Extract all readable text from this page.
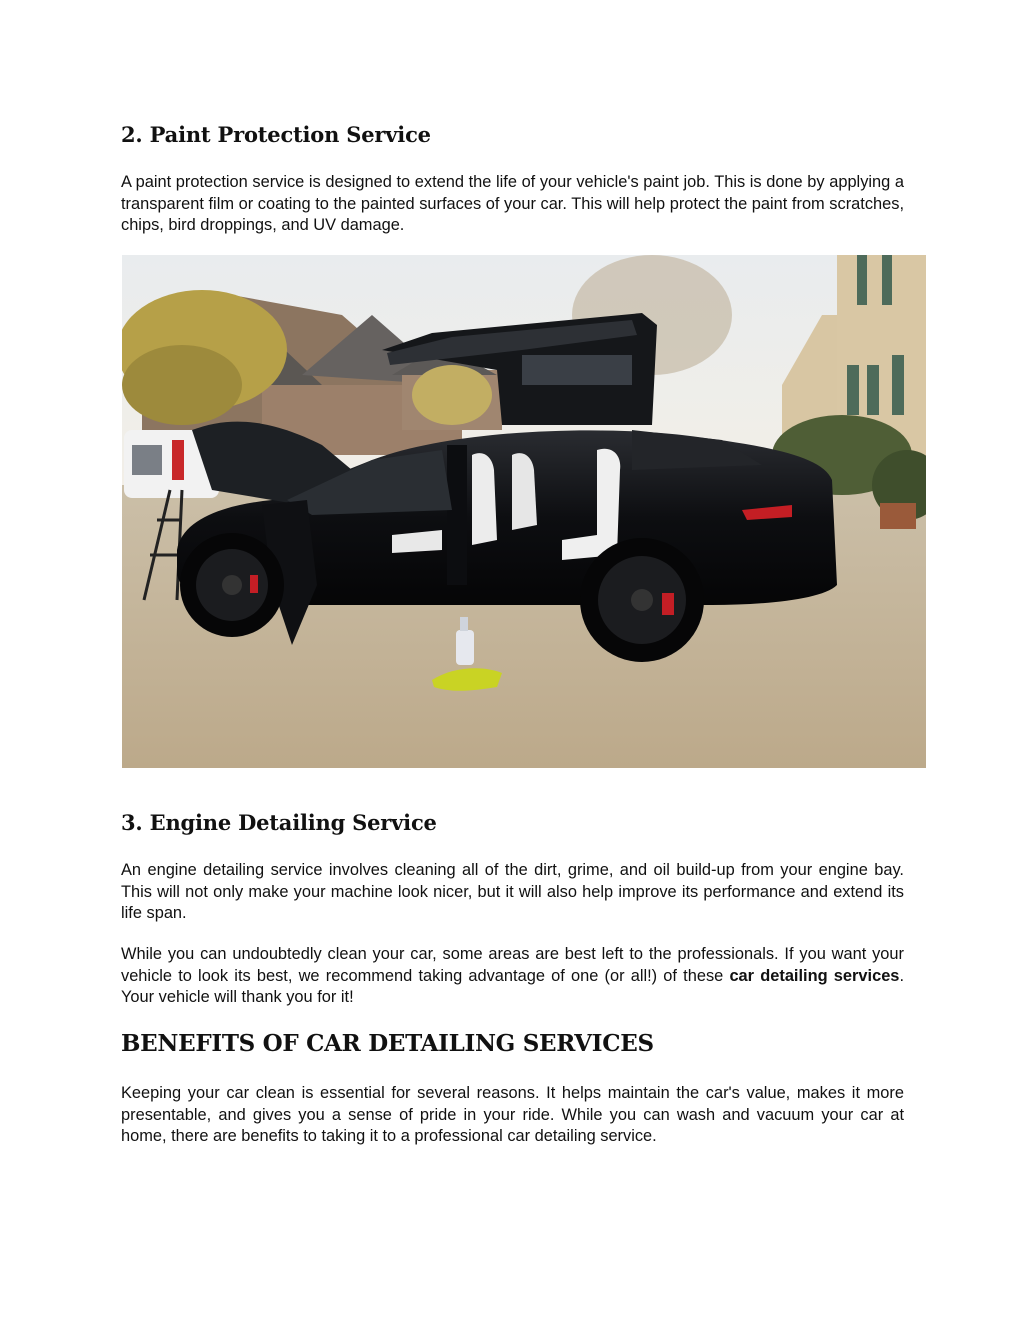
2. Paint Protection Service

A paint protection service is designed to extend the life of your vehicle's paint job. This is done by applying a transparent film or coating to the painted surfaces of your car. This will help protect the paint from scratches, chips, bird droppings, and UV damage.

3. Engine Detailing Service

An engine detailing service involves cleaning all of the dirt, grime, and oil build-up from your engine bay. This will not only make your machine look nicer, but it will also help improve its performance and extend its life span.

While you can undoubtedly clean your car, some areas are best left to the professionals. If you want your vehicle to look its best, we recommend taking advantage of one (or all!) of these car detailing services. Your vehicle will thank you for it!

BENEFITS OF CAR DETAILING SERVICES

Keeping your car clean is essential for several reasons. It helps maintain the car's value, makes it more presentable, and gives you a sense of pride in your ride. While you can wash and vacuum your car at home, there are benefits to taking it to a professional car detailing service.
